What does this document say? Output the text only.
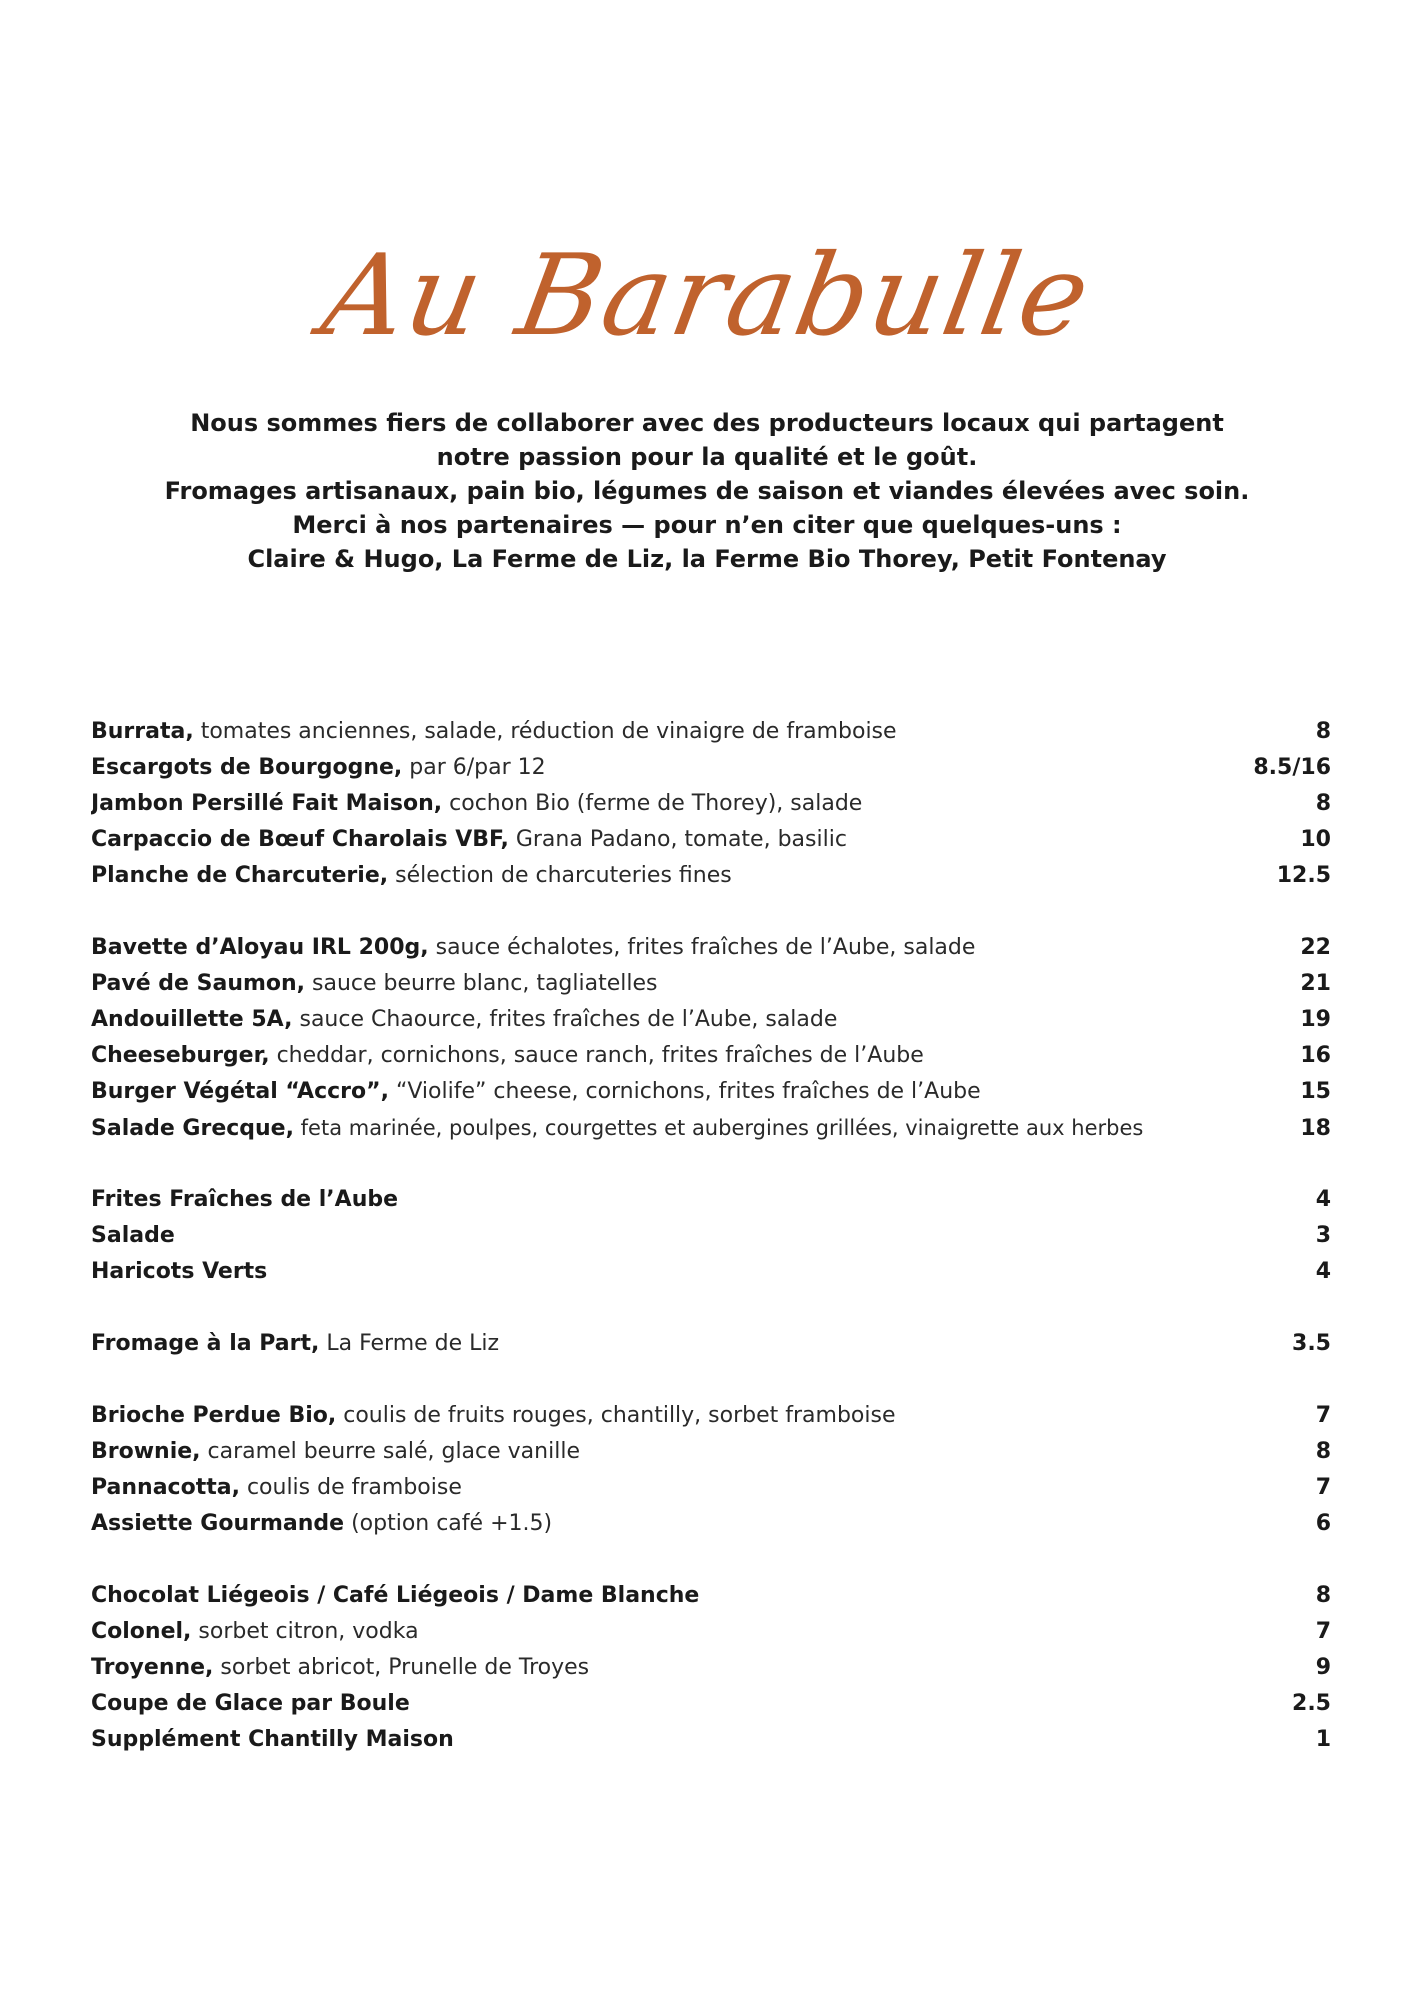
Au Barabulle
Nous sommes fiers de collaborer avec des producteurs locaux qui partagent
notre passion pour la qualité et le goût.
Fromages artisanaux, pain bio, légumes de saison et viandes élevées avec soin.
Merci à nos partenaires — pour n’en citer que quelques-uns :
Claire & Hugo, La Ferme de Liz, la Ferme Bio Thorey, Petit Fontenay
Burrata, tomates anciennes, salade, réduction de vinaigre de framboise	8
Escargots de Bourgogne, par 6/par 12	8.5/16
Jambon Persillé Fait Maison, cochon Bio (ferme de Thorey), salade	8
Carpaccio de Bœuf Charolais VBF, Grana Padano, tomate, basilic	10
Planche de Charcuterie, sélection de charcuteries fines	12.5
Bavette d’Aloyau IRL 200g, sauce échalotes, frites fraîches de l’Aube, salade	22
Pavé de Saumon, sauce beurre blanc, tagliatelles	21
Andouillette 5A, sauce Chaource, frites fraîches de l’Aube, salade	19
Cheeseburger, cheddar, cornichons, sauce ranch, frites fraîches de l’Aube	16
Burger Végétal “Accro”, “Violife” cheese, cornichons, frites fraîches de l’Aube	15
Salade Grecque, feta marinée, poulpes, courgettes et aubergines grillées, vinaigrette aux herbes	18
Frites Fraîches de l’Aube	4
Salade	3
Haricots Verts	4
Fromage à la Part, La Ferme de Liz	3.5
Brioche Perdue Bio, coulis de fruits rouges, chantilly, sorbet framboise	7
Brownie, caramel beurre salé, glace vanille	8
Pannacotta, coulis de framboise	7
Assiette Gourmande (option café +1.5)	6
Chocolat Liégeois / Café Liégeois / Dame Blanche	8
Colonel, sorbet citron, vodka	7
Troyenne, sorbet abricot, Prunelle de Troyes	9
Coupe de Glace par Boule	2.5
Supplément Chantilly Maison	1
